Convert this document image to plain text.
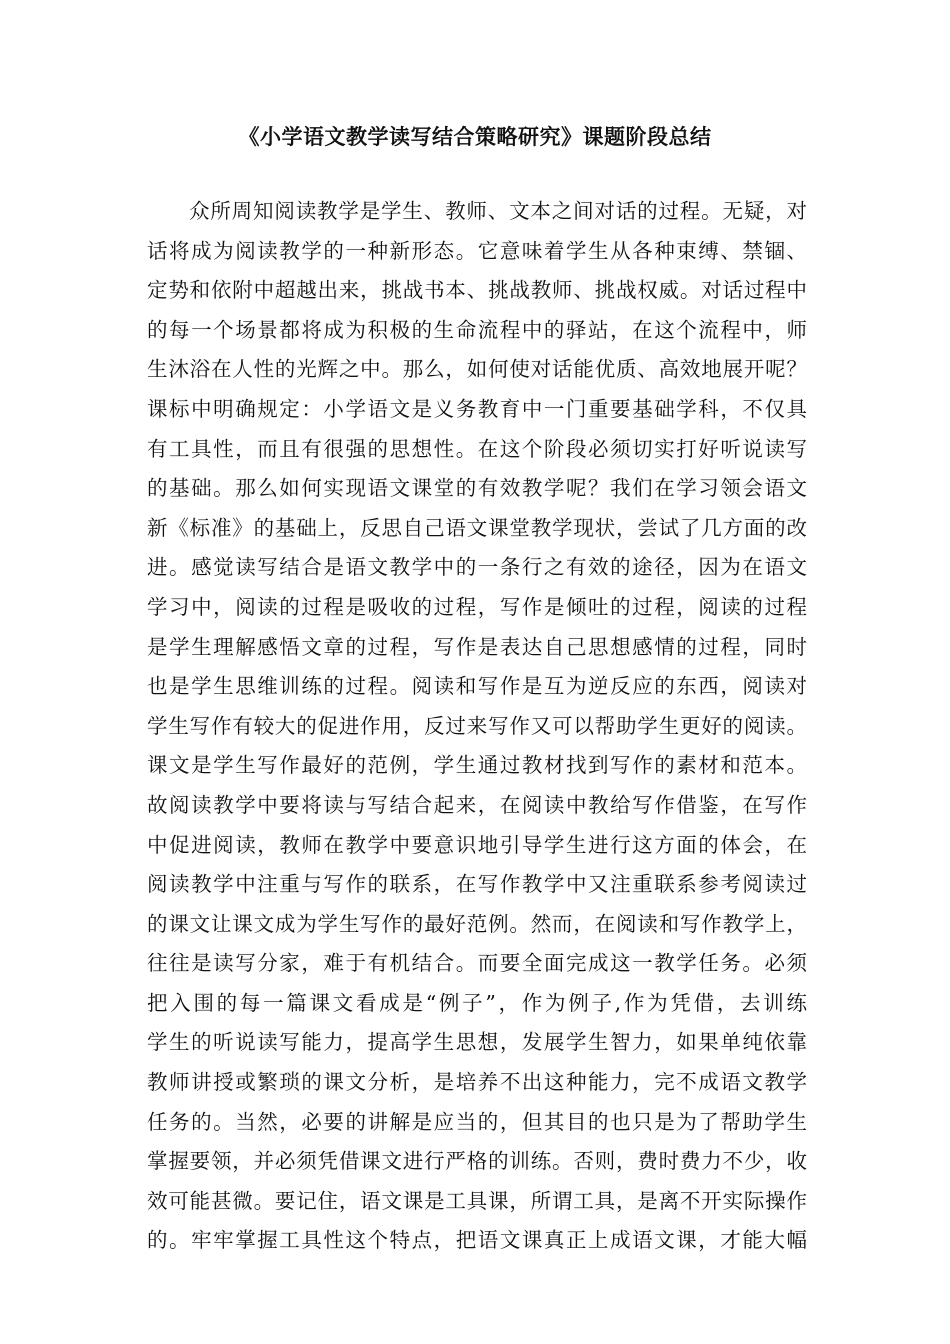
《小学语文教学读写结合策略研究》课题阶段总结
众所周知阅读教学是学生、教师、文本之间对话的过程。无疑，对
话将成为阅读教学的一种新形态。它意味着学生从各种束缚、禁锢、
定势和依附中超越出来，挑战书本、挑战教师、挑战权威。对话过程中
的每一个场景都将成为积极的生命流程中的驿站，在这个流程中，师
生沐浴在人性的光辉之中。那么，如何使对话能优质、高效地展开呢？
课标中明确规定：小学语文是义务教育中一门重要基础学科，不仅具
有工具性，而且有很强的思想性。在这个阶段必须切实打好听说读写
的基础。那么如何实现语文课堂的有效教学呢？我们在学习领会语文
新《标准》的基础上，反思自己语文课堂教学现状，尝试了几方面的改
进。感觉读写结合是语文教学中的一条行之有效的途径，因为在语文
学习中，阅读的过程是吸收的过程，写作是倾吐的过程，阅读的过程
是学生理解感悟文章的过程，写作是表达自己思想感情的过程，同时
也是学生思维训练的过程。阅读和写作是互为逆反应的东西，阅读对
学生写作有较大的促进作用，反过来写作又可以帮助学生更好的阅读。
课文是学生写作最好的范例，学生通过教材找到写作的素材和范本。
故阅读教学中要将读与写结合起来，在阅读中教给写作借鉴，在写作
中促进阅读，教师在教学中要意识地引导学生进行这方面的体会，在
阅读教学中注重与写作的联系，在写作教学中又注重联系参考阅读过
的课文让课文成为学生写作的最好范例。然而，在阅读和写作教学上，
往往是读写分家，难于有机结合。而要全面完成这一教学任务。必须
把入围的每一篇课文看成是“例子”，作为例子,作为凭借，去训练
学生的听说读写能力，提高学生思想，发展学生智力，如果单纯依靠
教师讲授或繁琐的课文分析，是培养不出这种能力，完不成语文教学
任务的。当然，必要的讲解是应当的，但其目的也只是为了帮助学生
掌握要领，并必须凭借课文进行严格的训练。否则，费时费力不少，收
效可能甚微。要记住，语文课是工具课，所谓工具，是离不开实际操作
的。牢牢掌握工具性这个特点，把语文课真正上成语文课，才能大幅
